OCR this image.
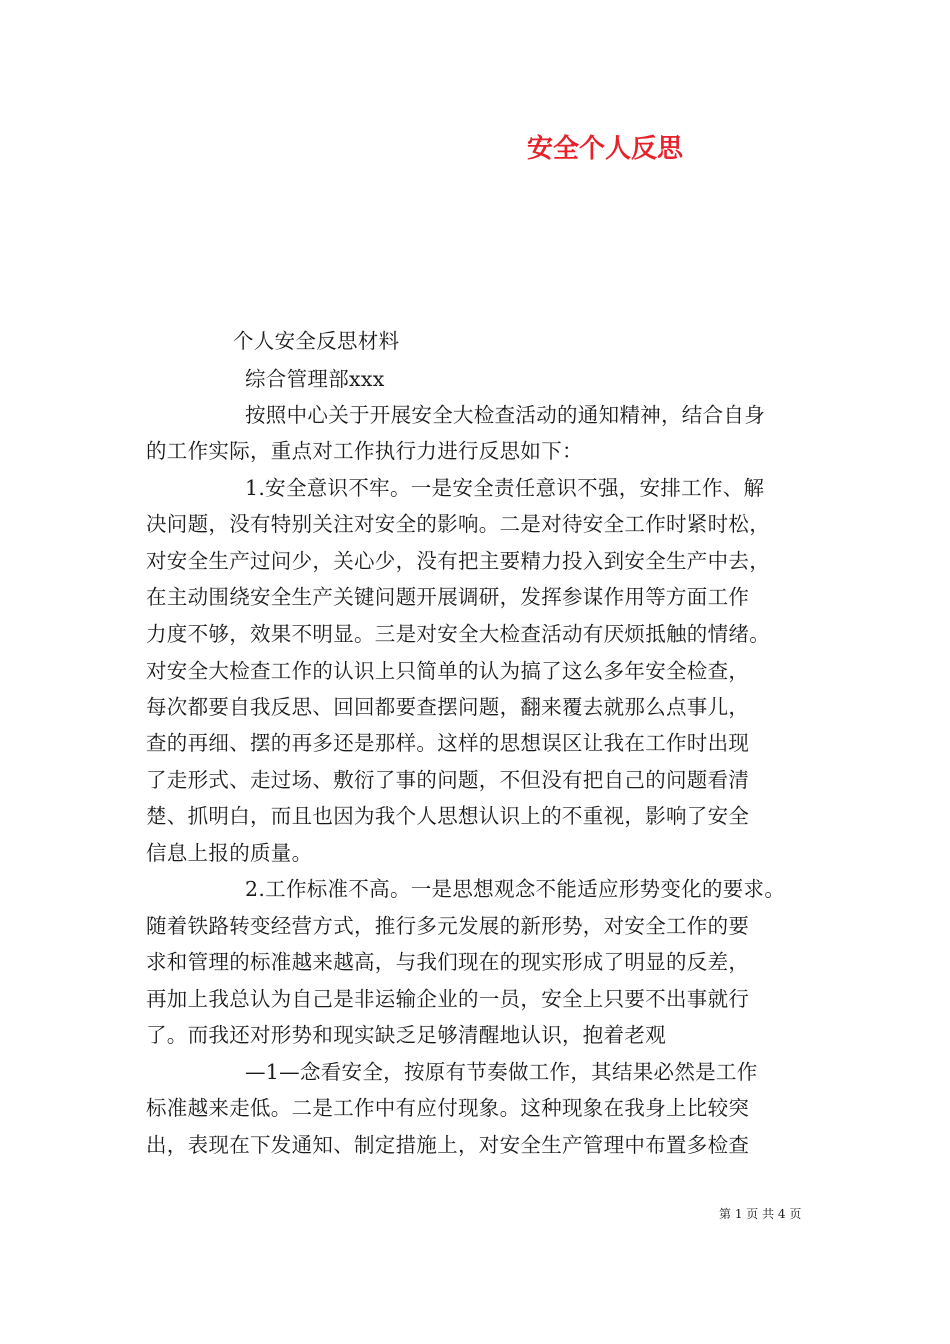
安全个人反思
个人安全反思材料
综合管理部xxx
按照中心关于开展安全大检查活动的通知精神，结合自身
的工作实际，重点对工作执行力进行反思如下：
1.安全意识不牢。一是安全责任意识不强，安排工作、解
决问题，没有特别关注对安全的影响。二是对待安全工作时紧时松，
对安全生产过问少，关心少，没有把主要精力投入到安全生产中去，
在主动围绕安全生产关键问题开展调研，发挥参谋作用等方面工作
力度不够，效果不明显。三是对安全大检查活动有厌烦抵触的情绪。
对安全大检查工作的认识上只简单的认为搞了这么多年安全检查，
每次都要自我反思、回回都要查摆问题，翻来覆去就那么点事儿，
查的再细、摆的再多还是那样。这样的思想误区让我在工作时出现
了走形式、走过场、敷衍了事的问题，不但没有把自己的问题看清
楚、抓明白，而且也因为我个人思想认识上的不重视，影响了安全
信息上报的质量。
2.工作标准不高。一是思想观念不能适应形势变化的要求。
随着铁路转变经营方式，推行多元发展的新形势，对安全工作的要
求和管理的标准越来越高，与我们现在的现实形成了明显的反差，
再加上我总认为自己是非运输企业的一员，安全上只要不出事就行
了。而我还对形势和现实缺乏足够清醒地认识，抱着老观
—1—念看安全，按原有节奏做工作，其结果必然是工作
标准越来走低。二是工作中有应付现象。这种现象在我身上比较突
出，表现在下发通知、制定措施上，对安全生产管理中布置多检查
第 1 页 共 4 页
